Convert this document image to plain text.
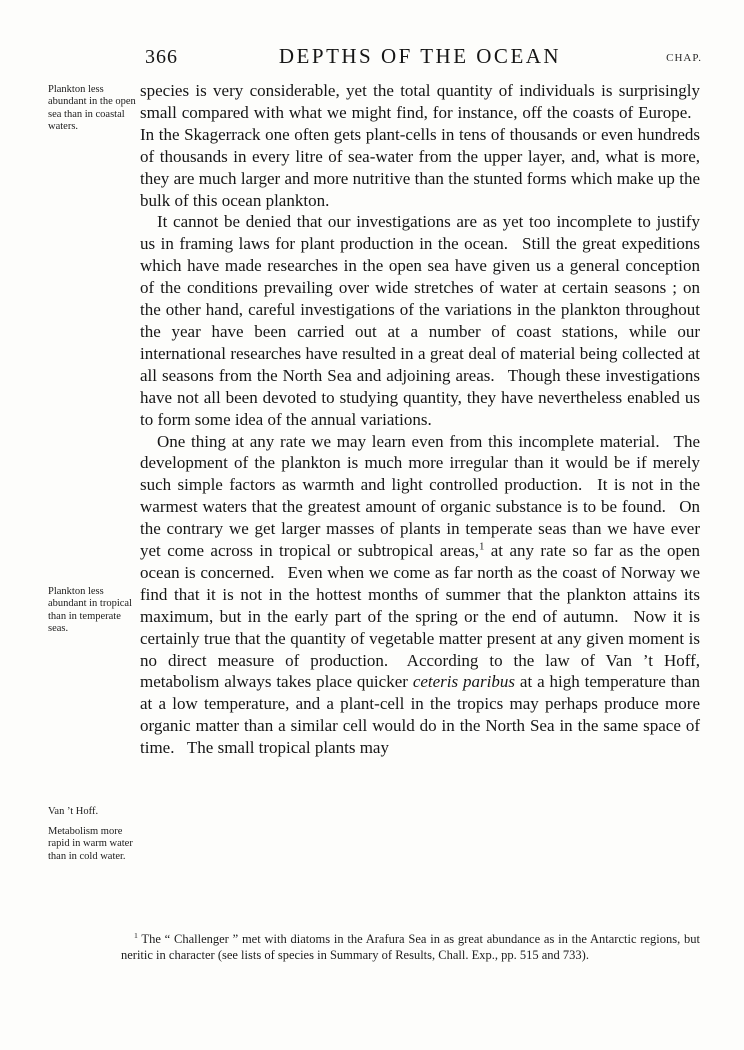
366	DEPTHS OF THE OCEAN	CHAP.
Plankton less abundant in the open sea than in coastal waters.
Plankton less abundant in tropical than in temperate seas.
Van ’t Hoff.
Metabolism more rapid in warm water than in cold water.

species is very considerable, yet the total quantity of individuals is surprisingly small compared with what we might find, for instance, off the coasts of Europe.  In the Skagerrack one often gets plant-cells in tens of thousands or even hundreds of thousands in every litre of sea-water from the upper layer, and, what is more, they are much larger and more nutritive than the stunted forms which make up the bulk of this ocean plankton.

It cannot be denied that our investigations are as yet too incomplete to justify us in framing laws for plant production in the ocean.  Still the great expeditions which have made researches in the open sea have given us a general conception of the conditions prevailing over wide stretches of water at certain seasons ; on the other hand, careful investigations of the variations in the plankton throughout the year have been carried out at a number of coast stations, while our international researches have resulted in a great deal of material being collected at all seasons from the North Sea and adjoining areas.  Though these investigations have not all been devoted to studying quantity, they have nevertheless enabled us to form some idea of the annual variations.

One thing at any rate we may learn even from this incomplete material.  The development of the plankton is much more irregular than it would be if merely such simple factors as warmth and light controlled production.  It is not in the warmest waters that the greatest amount of organic substance is to be found.  On the contrary we get larger masses of plants in temperate seas than we have ever yet come across in tropical or subtropical areas,$^1$ at any rate so far as the open ocean is concerned.  Even when we come as far north as the coast of Norway we find that it is not in the hottest months of summer that the plankton attains its maximum, but in the early part of the spring or the end of autumn.  Now it is certainly true that the quantity of vegetable matter present at any given moment is no direct measure of production.  According to the law of Van ’t Hoff, metabolism always takes place quicker ceteris paribus at a high temperature than at a low temperature, and a plant-cell in the tropics may perhaps produce more organic matter than a similar cell would do in the North Sea in the same space of time.  The small tropical plants may

$^1$ The “ Challenger ” met with diatoms in the Arafura Sea in as great abundance as in the Antarctic regions, but neritic in character (see lists of species in Summary of Results, Chall. Exp., pp. 515 and 733).
